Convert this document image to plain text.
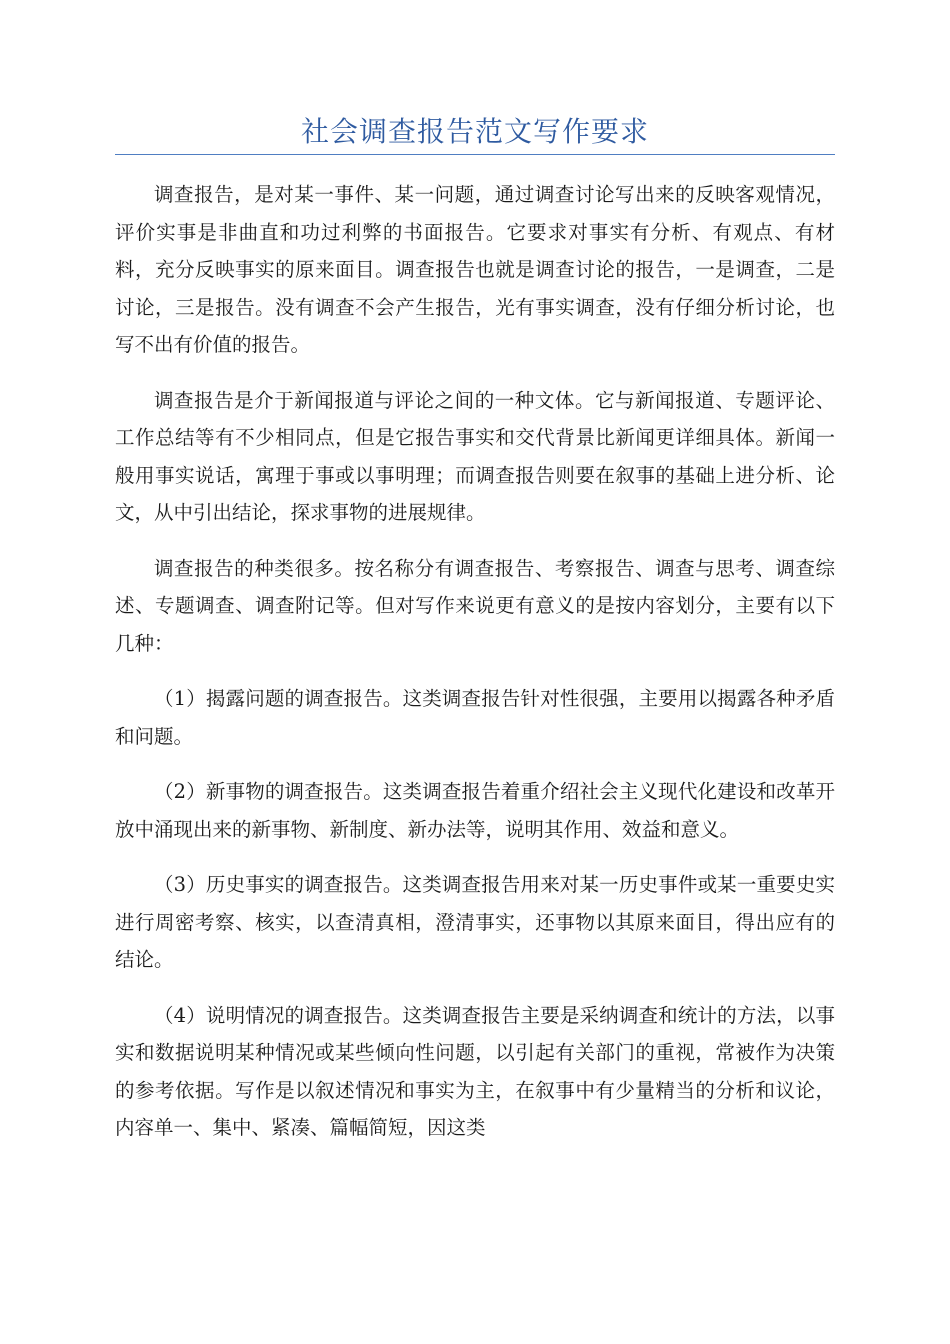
社会调查报告范文写作要求

调查报告，是对某一事件、某一问题，通过调查讨论写出来的反映客观情况，评价实事是非曲直和功过利弊的书面报告。它要求对事实有分析、有观点、有材料，充分反映事实的原来面目。调查报告也就是调查讨论的报告，一是调查，二是讨论，三是报告。没有调查不会产生报告，光有事实调查，没有仔细分析讨论，也写不出有价值的报告。

调查报告是介于新闻报道与评论之间的一种文体。它与新闻报道、专题评论、工作总结等有不少相同点，但是它报告事实和交代背景比新闻更详细具体。新闻一般用事实说话，寓理于事或以事明理；而调查报告则要在叙事的基础上进分析、论文，从中引出结论，探求事物的进展规律。

调查报告的种类很多。按名称分有调查报告、考察报告、调查与思考、调查综述、专题调查、调查附记等。但对写作来说更有意义的是按内容划分，主要有以下几种：

（1）揭露问题的调查报告。这类调查报告针对性很强，主要用以揭露各种矛盾和问题。

（2）新事物的调查报告。这类调查报告着重介绍社会主义现代化建设和改革开放中涌现出来的新事物、新制度、新办法等，说明其作用、效益和意义。

（3）历史事实的调查报告。这类调查报告用来对某一历史事件或某一重要史实进行周密考察、核实，以查清真相，澄清事实，还事物以其原来面目，得出应有的结论。

（4）说明情况的调查报告。这类调查报告主要是采纳调查和统计的方法，以事实和数据说明某种情况或某些倾向性问题，以引起有关部门的重视，常被作为决策的参考依据。写作是以叙述情况和事实为主，在叙事中有少量精当的分析和议论，内容单一、集中、紧凑、篇幅简短，因这类
